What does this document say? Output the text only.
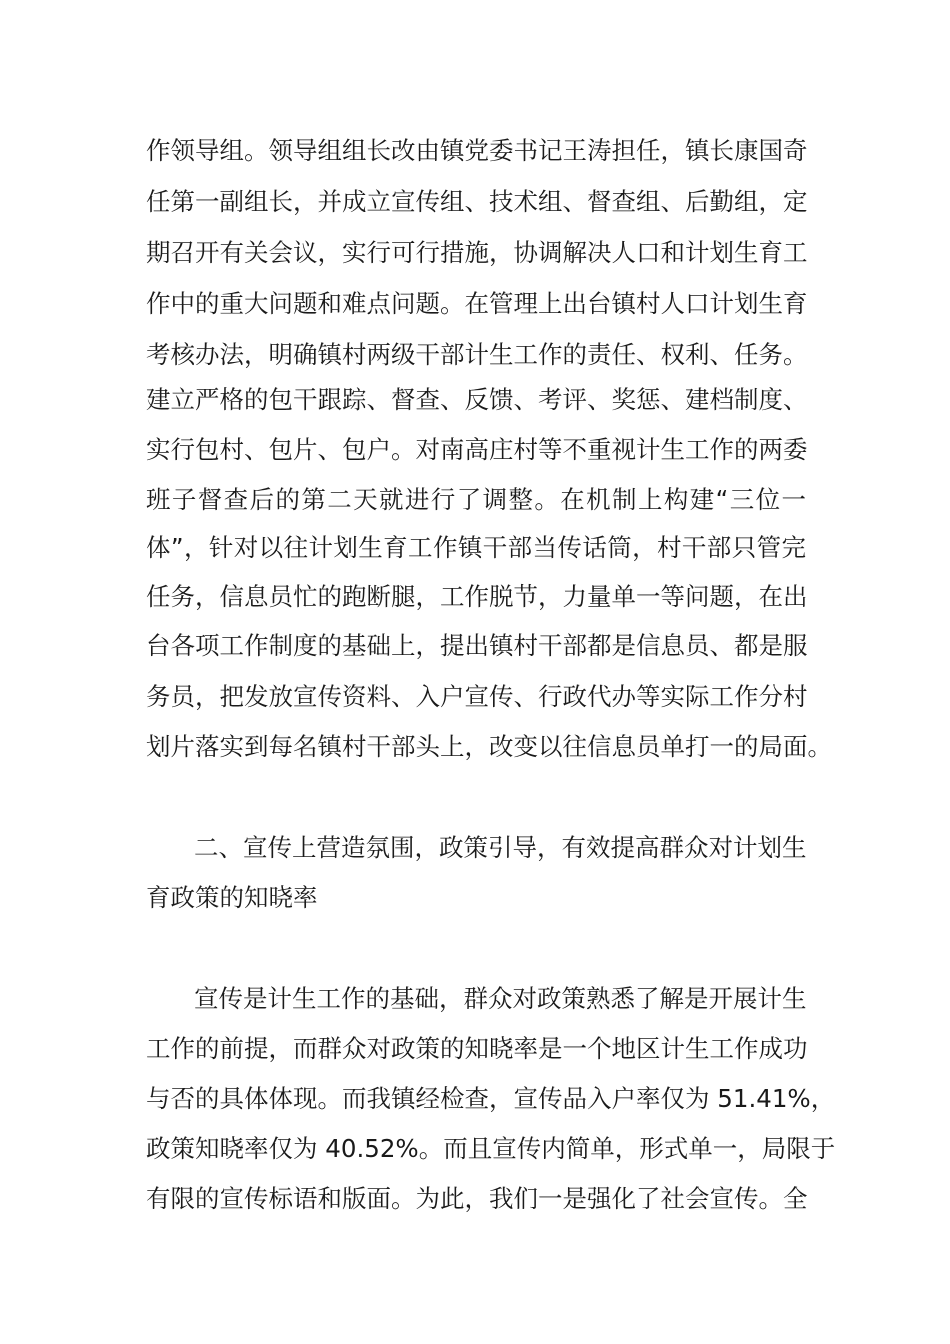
作领导组。领导组组长改由镇党委书记王涛担任，镇长康国奇
任第一副组长，并成立宣传组、技术组、督查组、后勤组，定
期召开有关会议，实行可行措施，协调解决人口和计划生育工
作中的重大问题和难点问题。在管理上出台镇村人口计划生育
考核办法，明确镇村两级干部计生工作的责任、权利、任务。
建立严格的包干跟踪、督查、反馈、考评、奖惩、建档制度、
实行包村、包片、包户。对南高庄村等不重视计生工作的两委
班子督查后的第二天就进行了调整。在机制上构建“三位一
体”，针对以往计划生育工作镇干部当传话筒，村干部只管完
任务，信息员忙的跑断腿，工作脱节，力量单一等问题，在出
台各项工作制度的基础上，提出镇村干部都是信息员、都是服
务员，把发放宣传资料、入户宣传、行政代办等实际工作分村
划片落实到每名镇村干部头上，改变以往信息员单打一的局面。
二、宣传上营造氛围，政策引导，有效提高群众对计划生
育政策的知晓率
宣传是计生工作的基础，群众对政策熟悉了解是开展计生
工作的前提，而群众对政策的知晓率是一个地区计生工作成功
与否的具体体现。而我镇经检查，宣传品入户率仅为 51.41%，
政策知晓率仅为 40.52%。而且宣传内简单，形式单一，局限于
有限的宣传标语和版面。为此，我们一是强化了社会宣传。全
